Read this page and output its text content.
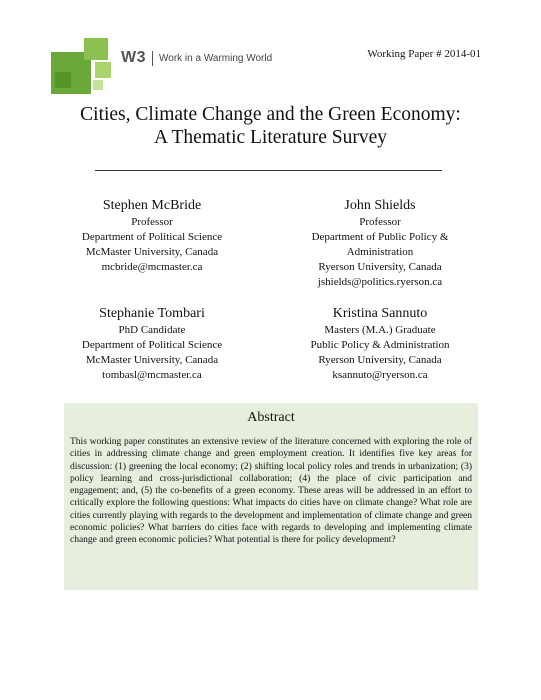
W3 Work in a Warming World	Working Paper # 2014-01
Cities, Climate Change and the Green Economy:
A Thematic Literature Survey
Stephen McBride
Professor
Department of Political Science
McMaster University, Canada
mcbride@mcmaster.ca
John Shields
Professor
Department of Public Policy &
Administration
Ryerson University, Canada
jshields@politics.ryerson.ca
Stephanie Tombari
PhD Candidate
Department of Political Science
McMaster University, Canada
tombasl@mcmaster.ca
Kristina Sannuto
Masters (M.A.) Graduate
Public Policy & Administration
Ryerson University, Canada
ksannuto@ryerson.ca
Abstract

This working paper constitutes an extensive review of the literature concerned with exploring the role of cities in addressing climate change and green employment creation. It identifies five key areas for discussion: (1) greening the local economy; (2) shifting local policy roles and trends in urbanization; (3) policy learning and cross-jurisdictional collaboration; (4) the place of civic participation and engagement; and, (5) the co-benefits of a green economy. These areas will be addressed in an effort to critically explore the following questions: What impacts do cities have on climate change? What role are cities currently playing with regards to the development and implementation of climate change and green economic policies? What barriers do cities face with regards to developing and implementing climate change and green economic policies? What potential is there for policy development?
